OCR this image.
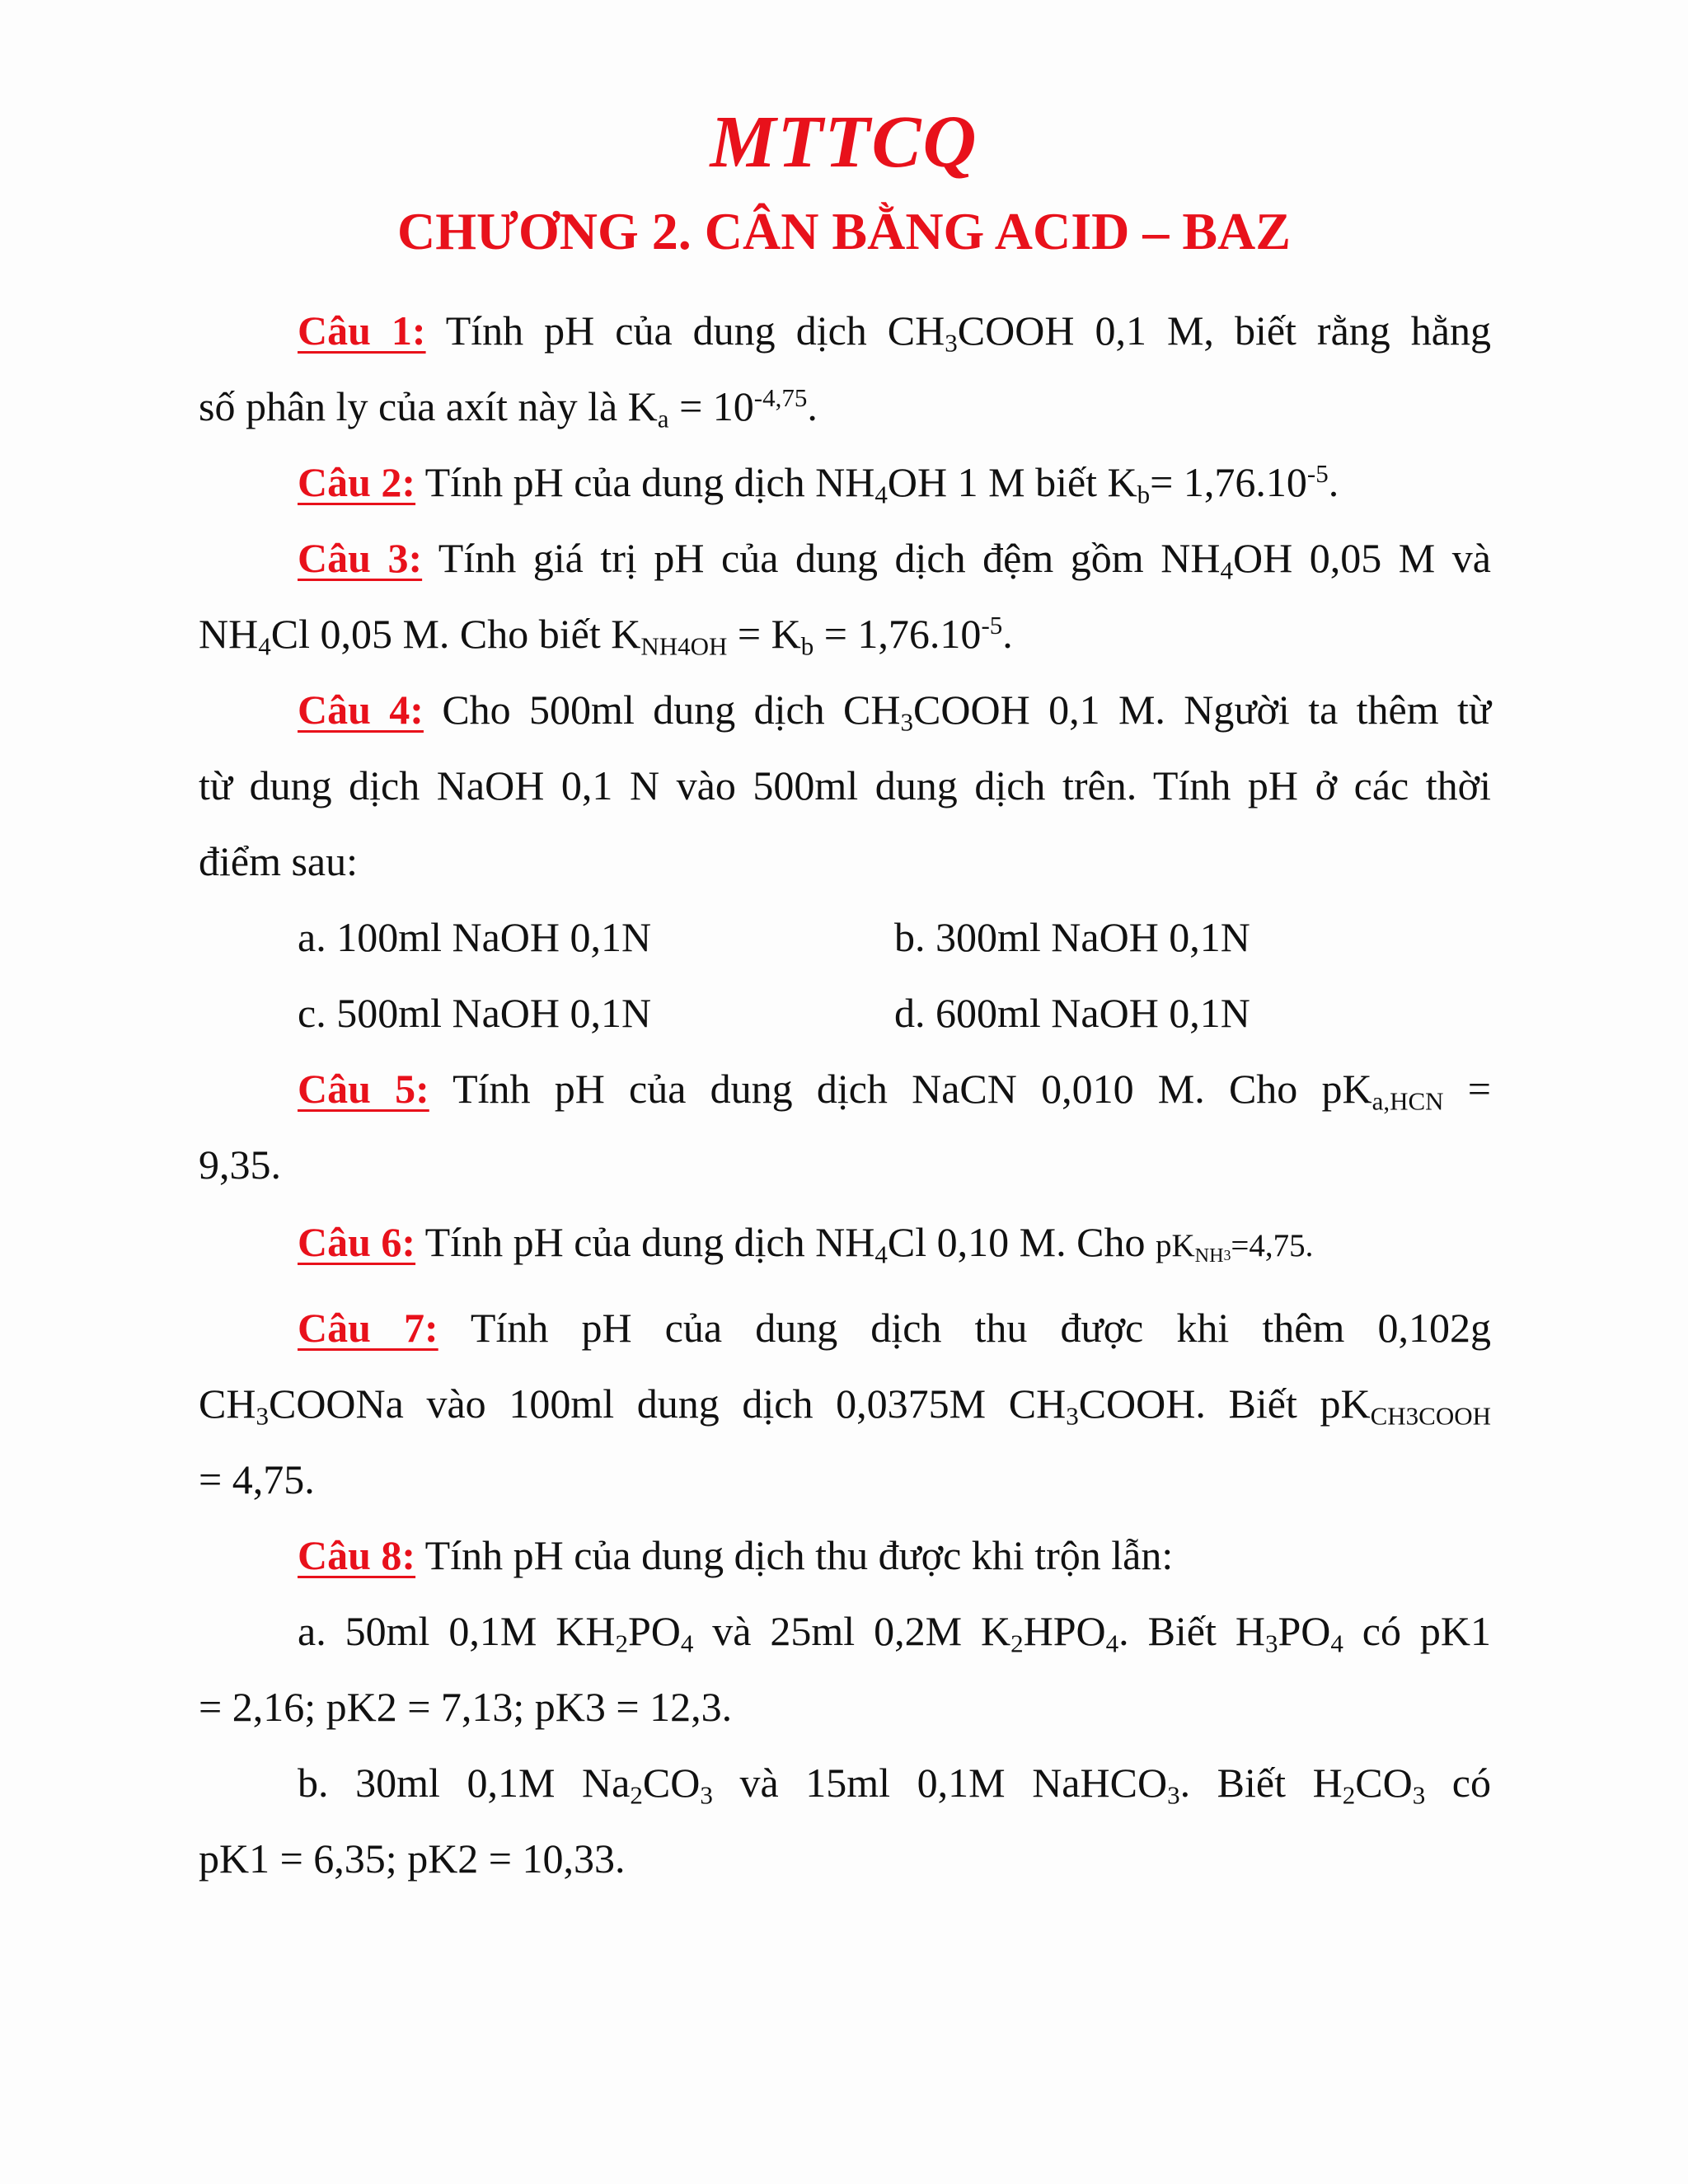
MTTCQ
CHƯƠNG 2. CÂN BẰNG ACID – BAZ
Câu 1: Tính pH của dung dịch $CH_3COOH$ 0,1 M, biết rằng hằng
số phân ly của axít này là $K_a = 10^{-4,75}$.
Câu 2: Tính pH của dung dịch $NH_4OH$ 1 M biết $K_b= 1,76.10^{-5}$.
Câu 3: Tính giá trị pH của dung dịch đệm gồm $NH_4OH$ 0,05 M và
$NH_4Cl$ 0,05 M. Cho biết $K_{NH4OH} = K_b = 1,76.10^{-5}$.
Câu 4: Cho 500ml dung dịch $CH_3COOH$ 0,1 M. Người ta thêm từ
từ dung dịch NaOH 0,1 N vào 500ml dung dịch trên. Tính pH ở các thời
điểm sau:
a. 100ml NaOH 0,1N	b. 300ml NaOH 0,1N
c. 500ml NaOH 0,1N	d. 600ml NaOH 0,1N
Câu 5: Tính pH của dung dịch NaCN 0,010 M. Cho $pK_{a,HCN}$ =
9,35.
Câu 6: Tính pH của dung dịch $NH_4Cl$ 0,10 M. Cho $pK_{NH3}=4,75$.
Câu 7: Tính pH của dung dịch thu được khi thêm 0,102g
$CH_3COONa$ vào 100ml dung dịch 0,0375M $CH_3COOH$. Biết $pK_{CH3COOH}$
= 4,75.
Câu 8: Tính pH của dung dịch thu được khi trộn lẫn:
a. 50ml 0,1M $KH_2PO_4$ và 25ml 0,2M $K_2HPO_4$. Biết $H_3PO_4$ có pK1
= 2,16; pK2 = 7,13; pK3 = 12,3.
b. 30ml 0,1M $Na_2CO_3$ và 15ml 0,1M NaHCO$_3$. Biết $H_2CO_3$ có
pK1 = 6,35; pK2 = 10,33.
